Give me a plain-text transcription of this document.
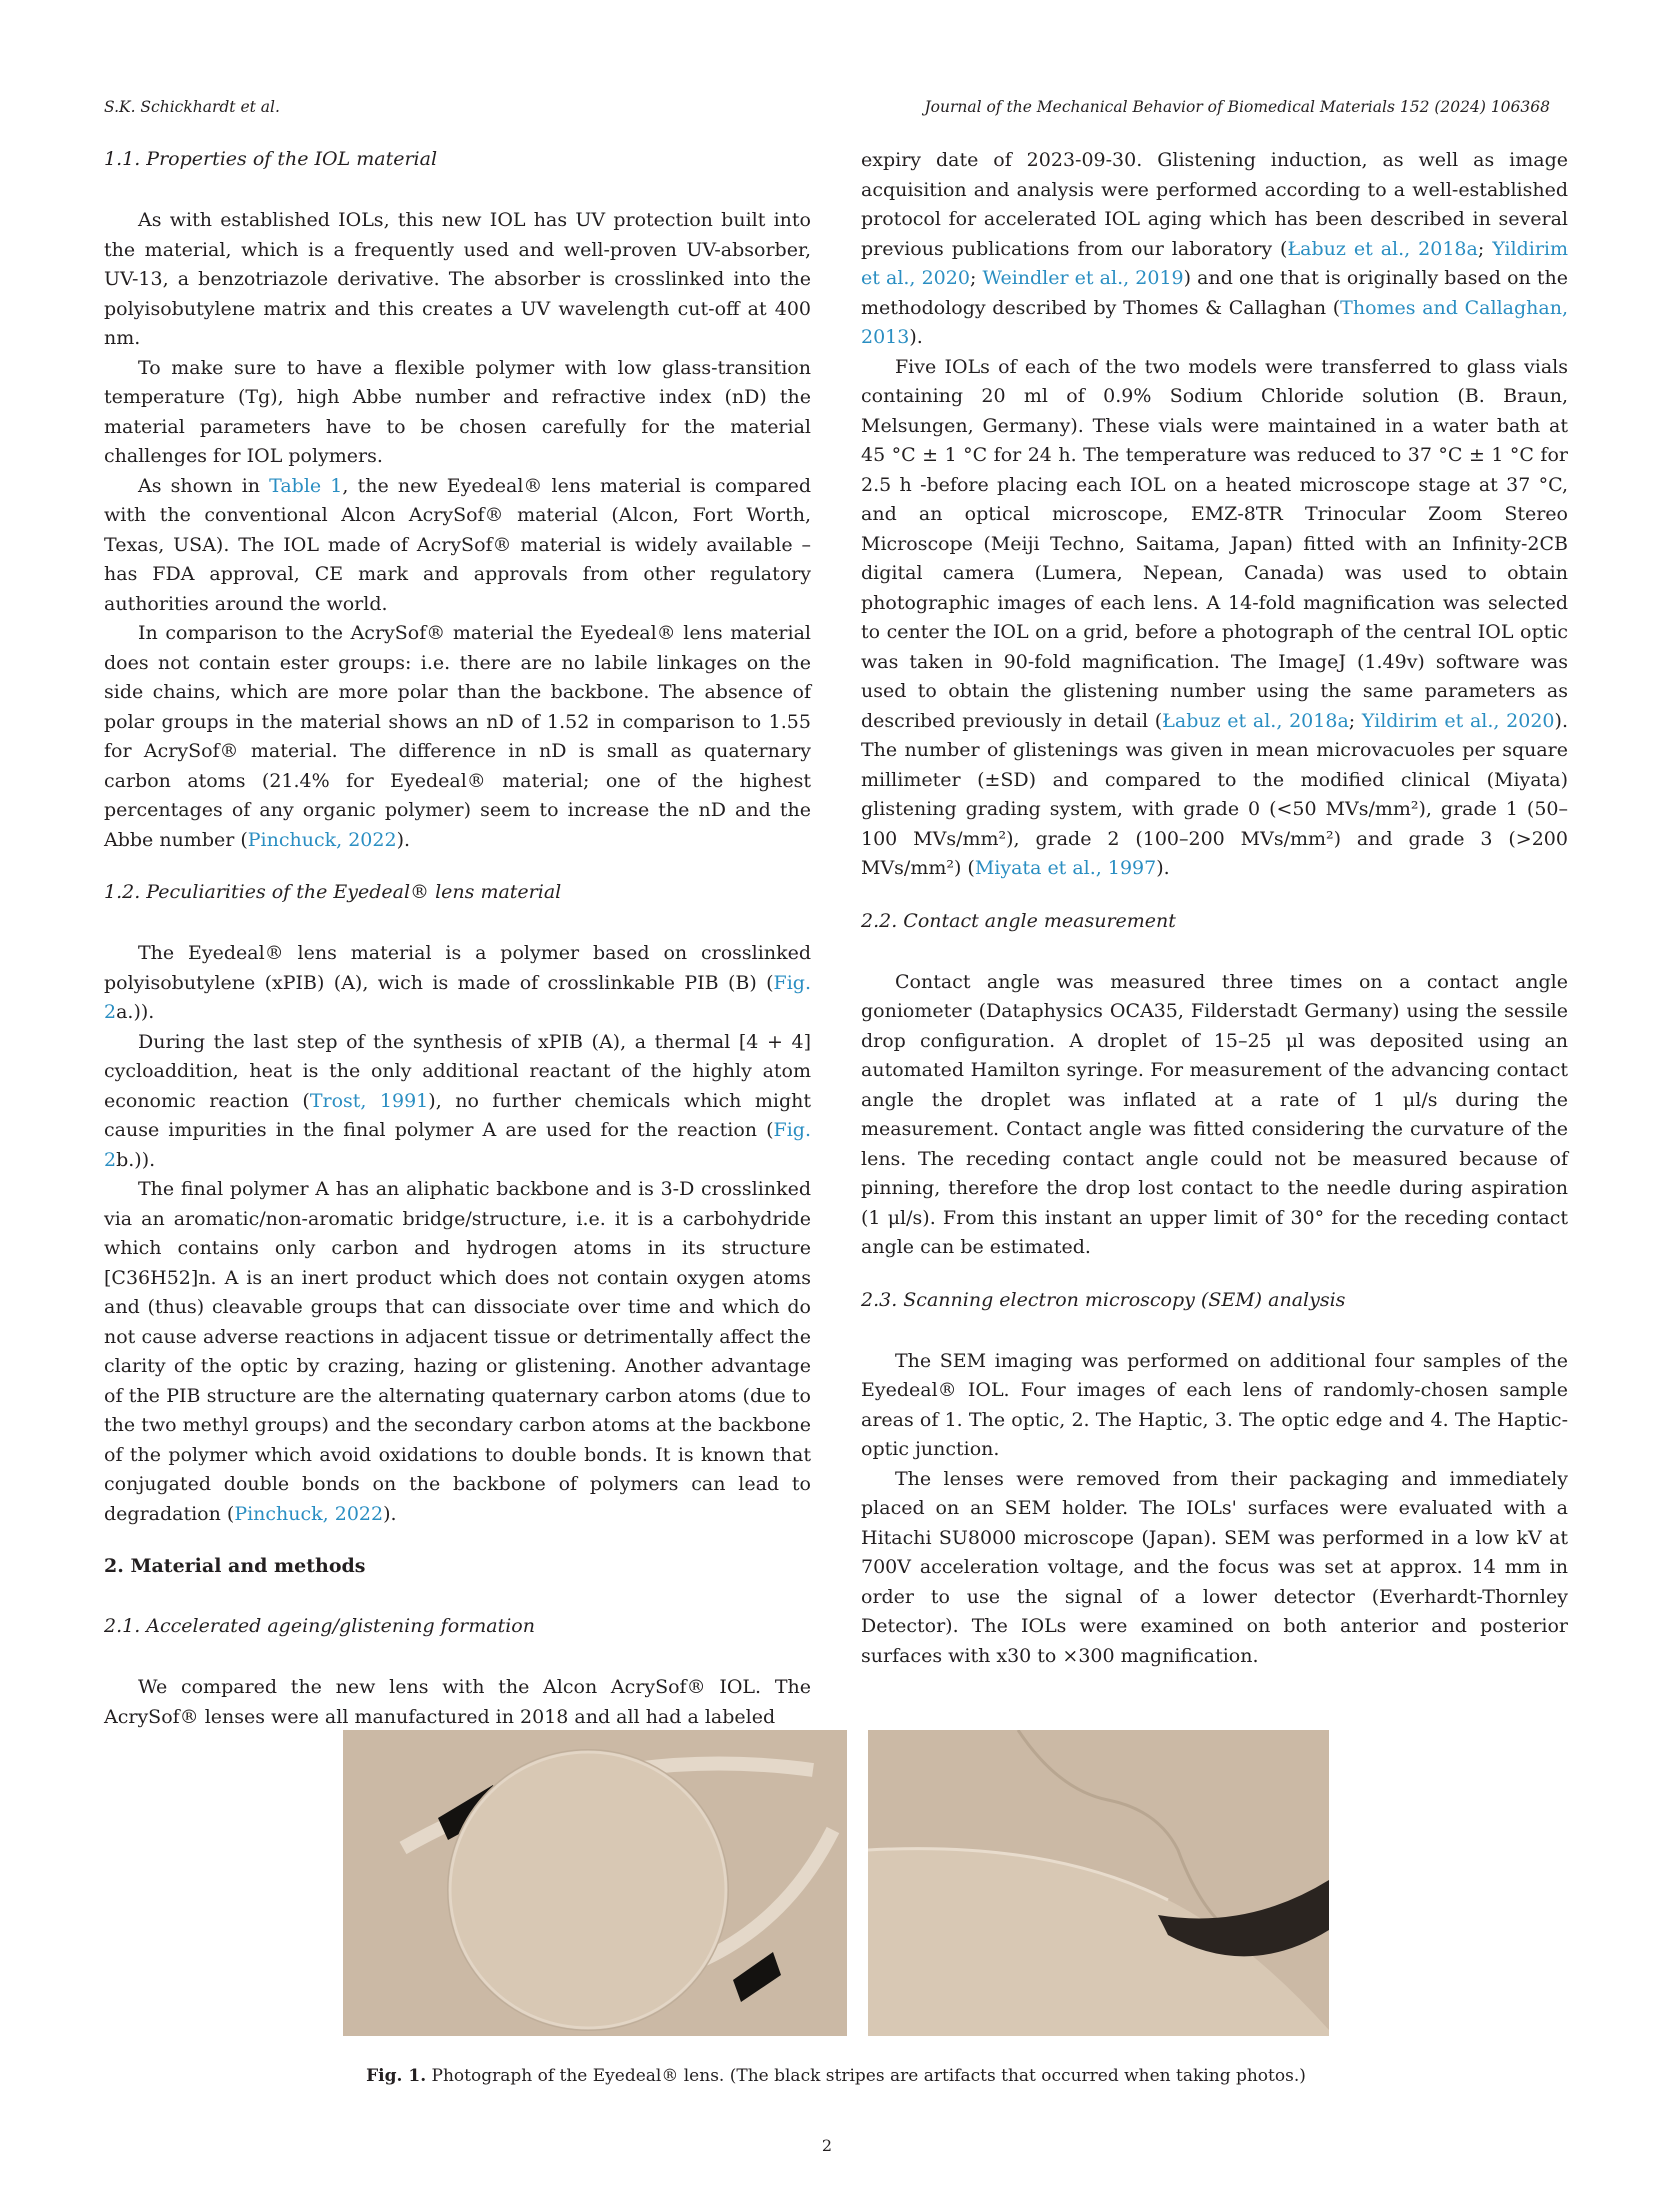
S.K. Schickhardt et al.	Journal of the Mechanical Behavior of Biomedical Materials 152 (2024) 106368
1.1. Properties of the IOL material

As with established IOLs, this new IOL has UV protection built into the material, which is a frequently used and well-proven UV-absorber, UV-13, a benzotriazole derivative. The absorber is crosslinked into the polyisobutylene matrix and this creates a UV wavelength cut-off at 400 nm.

To make sure to have a flexible polymer with low glass-transition temperature (Tg), high Abbe number and refractive index (nD) the material parameters have to be chosen carefully for the material challenges for IOL polymers.

As shown in Table 1, the new Eyedeal® lens material is compared with the conventional Alcon AcrySof® material (Alcon, Fort Worth, Texas, USA). The IOL made of AcrySof® material is widely available – has FDA approval, CE mark and approvals from other regulatory authorities around the world.

In comparison to the AcrySof® material the Eyedeal® lens material does not contain ester groups: i.e. there are no labile linkages on the side chains, which are more polar than the backbone. The absence of polar groups in the material shows an nD of 1.52 in comparison to 1.55 for AcrySof® material. The difference in nD is small as quaternary carbon atoms (21.4% for Eyedeal® material; one of the highest percentages of any organic polymer) seem to increase the nD and the Abbe number (Pinchuck, 2022).

1.2. Peculiarities of the Eyedeal® lens material

The Eyedeal® lens material is a polymer based on crosslinked polyisobutylene (xPIB) (A), wich is made of crosslinkable PIB (B) (Fig. 2a.)).

During the last step of the synthesis of xPIB (A), a thermal [4 + 4] cycloaddition, heat is the only additional reactant of the highly atom economic reaction (Trost, 1991), no further chemicals which might cause impurities in the final polymer A are used for the reaction (Fig. 2b.)).

The final polymer A has an aliphatic backbone and is 3-D crosslinked via an aromatic/non-aromatic bridge/structure, i.e. it is a carbohydride which contains only carbon and hydrogen atoms in its structure [C36H52]n. A is an inert product which does not contain oxygen atoms and (thus) cleavable groups that can dissociate over time and which do not cause adverse reactions in adjacent tissue or detrimentally affect the clarity of the optic by crazing, hazing or glistening. Another advantage of the PIB structure are the alternating quaternary carbon atoms (due to the two methyl groups) and the secondary carbon atoms at the backbone of the polymer which avoid oxidations to double bonds. It is known that conjugated double bonds on the backbone of polymers can lead to degradation (Pinchuck, 2022).

2. Material and methods
2.1. Accelerated ageing/glistening formation

We compared the new lens with the Alcon AcrySof® IOL. The AcrySof® lenses were all manufactured in 2018 and all had a labeled

expiry date of 2023-09-30. Glistening induction, as well as image acquisition and analysis were performed according to a well-established protocol for accelerated IOL aging which has been described in several previous publications from our laboratory (Łabuz et al., 2018a; Yildirim et al., 2020; Weindler et al., 2019) and one that is originally based on the methodology described by Thomes & Callaghan (Thomes and Callaghan, 2013).

Five IOLs of each of the two models were transferred to glass vials containing 20 ml of 0.9% Sodium Chloride solution (B. Braun, Melsungen, Germany). These vials were maintained in a water bath at 45 °C ± 1 °C for 24 h. The temperature was reduced to 37 °C ± 1 °C for 2.5 h -before placing each IOL on a heated microscope stage at 37 °C, and an optical microscope, EMZ-8TR Trinocular Zoom Stereo Microscope (Meiji Techno, Saitama, Japan) fitted with an Infinity-2CB digital camera (Lumera, Nepean, Canada) was used to obtain photographic images of each lens. A 14-fold magnification was selected to center the IOL on a grid, before a photograph of the central IOL optic was taken in 90-fold magnification. The ImageJ (1.49v) software was used to obtain the glistening number using the same parameters as described previously in detail (Łabuz et al., 2018a; Yildirim et al., 2020). The number of glistenings was given in mean microvacuoles per square millimeter (±SD) and compared to the modified clinical (Miyata) glistening grading system, with grade 0 (<50 MVs/mm²), grade 1 (50–100 MVs/mm²), grade 2 (100–200 MVs/mm²) and grade 3 (>200 MVs/mm²) (Miyata et al., 1997).

2.2. Contact angle measurement

Contact angle was measured three times on a contact angle goniometer (Dataphysics OCA35, Filderstadt Germany) using the sessile drop configuration. A droplet of 15–25 μl was deposited using an automated Hamilton syringe. For measurement of the advancing contact angle the droplet was inflated at a rate of 1 μl/s during the measurement. Contact angle was fitted considering the curvature of the lens. The receding contact angle could not be measured because of pinning, therefore the drop lost contact to the needle during aspiration (1 μl/s). From this instant an upper limit of 30° for the receding contact angle can be estimated.

2.3. Scanning electron microscopy (SEM) analysis

The SEM imaging was performed on additional four samples of the Eyedeal® IOL. Four images of each lens of randomly-chosen sample areas of 1. The optic, 2. The Haptic, 3. The optic edge and 4. The Haptic-optic junction.

The lenses were removed from their packaging and immediately placed on an SEM holder. The IOLs' surfaces were evaluated with a Hitachi SU8000 microscope (Japan). SEM was performed in a low kV at 700V acceleration voltage, and the focus was set at approx. 14 mm in order to use the signal of a lower detector (Everhardt-Thornley Detector). The IOLs were examined on both anterior and posterior surfaces with x30 to ×300 magnification.

Fig. 1. Photograph of the Eyedeal® lens. (The black stripes are artifacts that occurred when taking photos.)
2
